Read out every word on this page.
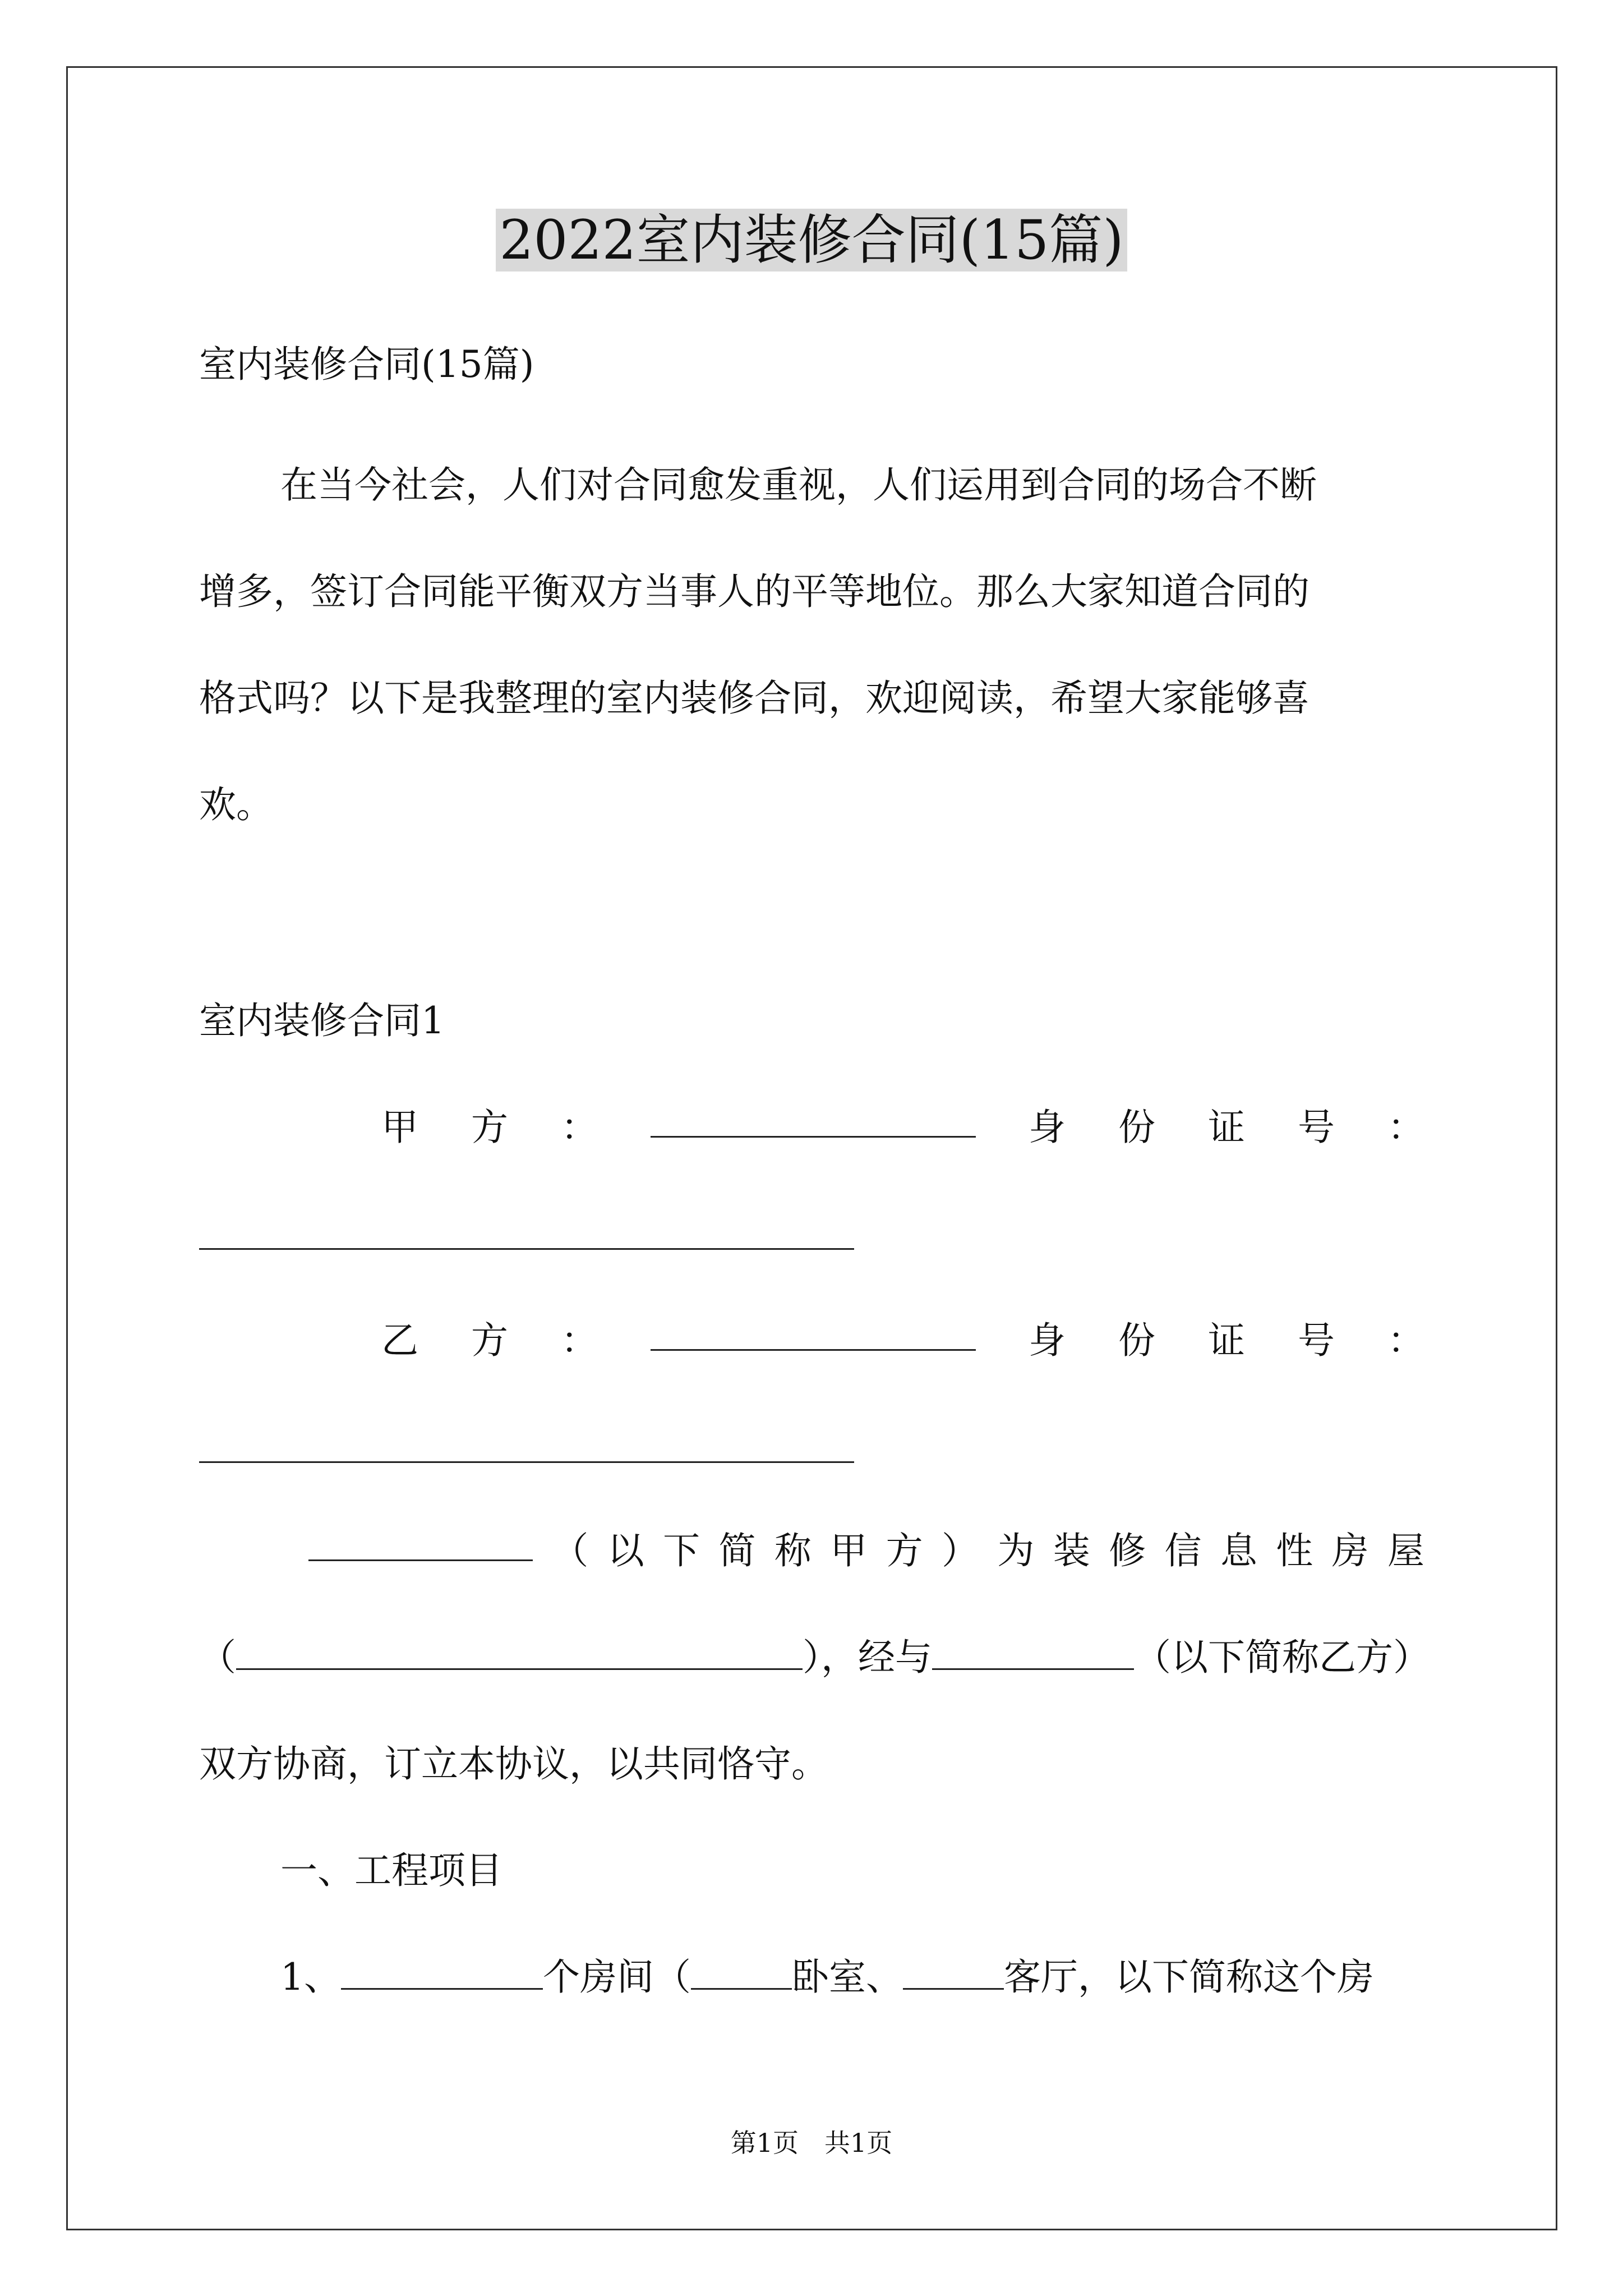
2022室内装修合同(15篇)
室内装修合同(15篇)
在当今社会，人们对合同愈发重视，人们运用到合同的场合不断
增多，签订合同能平衡双方当事人的平等地位。那么大家知道合同的
格式吗？以下是我整理的室内装修合同，欢迎阅读，希望大家能够喜
欢。
室内装修合同1
甲 方 ：	身 份 证 号 ：
乙 方 ：	身 份 证 号 ：
（ 以 下 简 称 甲 方 ） 为 装 修 信 息 性 房 屋
（	），经与	（以下简称乙方）
双方协商，订立本协议，以共同恪守。
一、工程项目
1、	个房间（	卧室、	客厅，以下简称这个房
第1页　共1页
